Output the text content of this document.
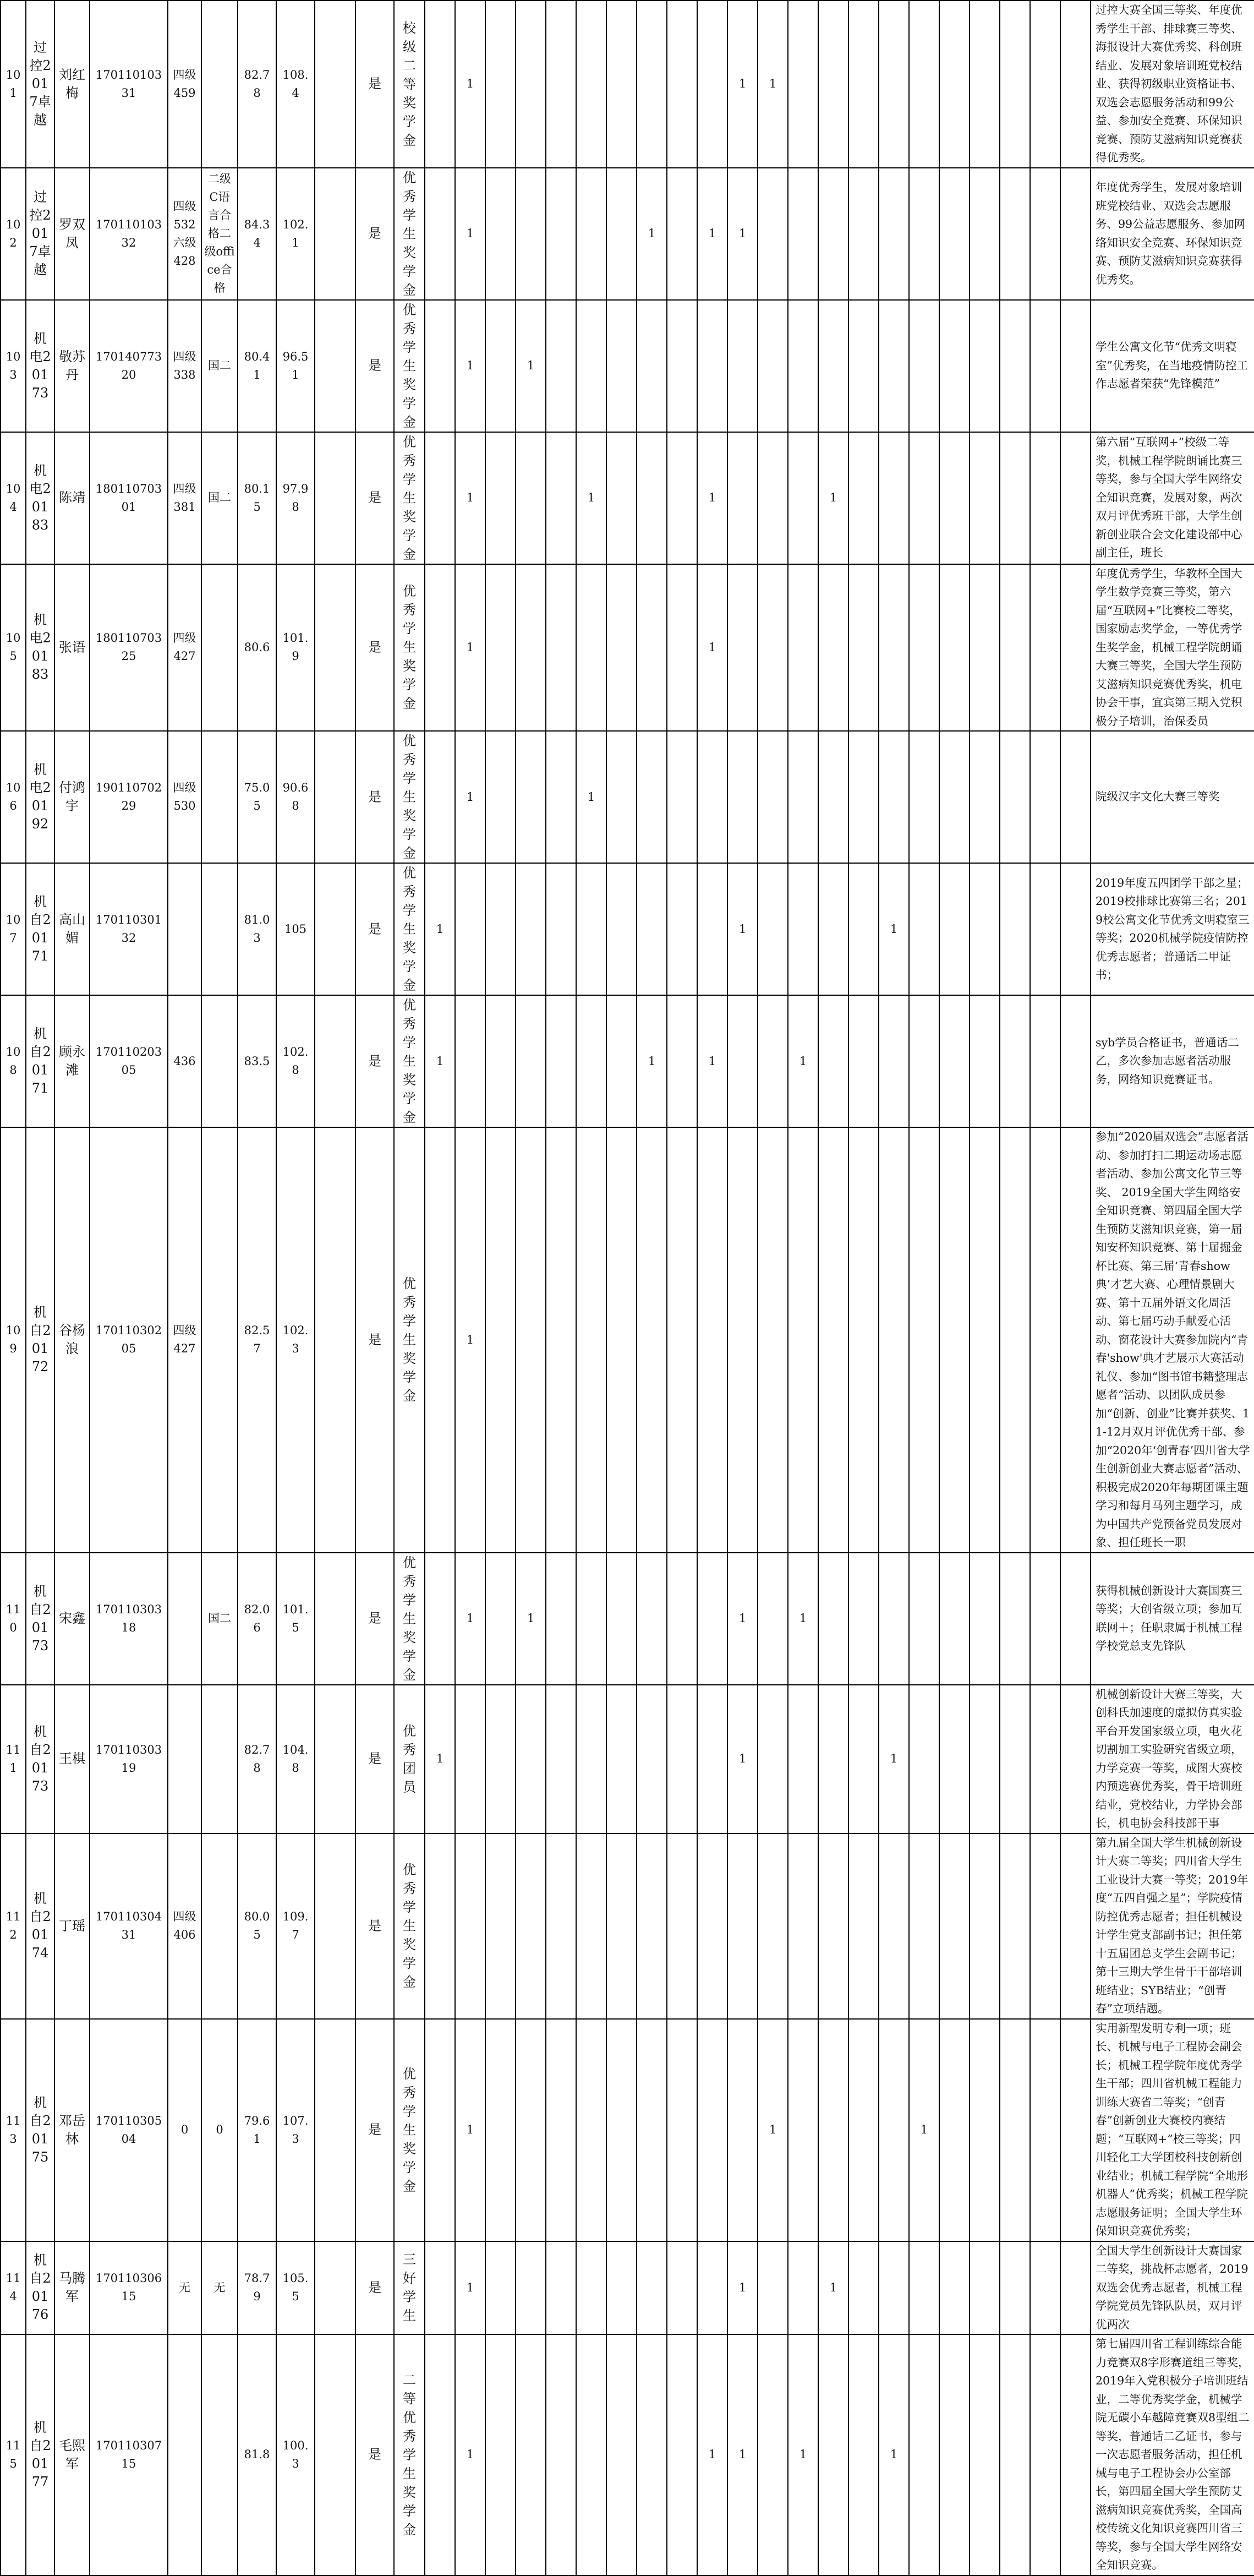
101	过控2017卓越	刘红梅	17011010331	四级459		82.78	108.4		是	校级二等奖学金		1									1	1											过控大赛全国三等奖、年度优秀学生干部、排球赛三等奖、海报设计大赛优秀奖、科创班结业、发展对象培训班党校结业、获得初级职业资格证书、双选会志愿服务活动和99公益、参加安全竞赛、环保知识竞赛、预防艾滋病知识竞赛获得优秀奖。
102	过控2017卓越	罗双凤	17011010332	四级532 六级428	二级C语言合格二级office合格	84.34	102.1		是	优秀学生奖学金		1						1		1	1												年度优秀学生，发展对象培训班党校结业、双选会志愿服务、99公益志愿服务、参加网络知识安全竞赛、环保知识竞赛、预防艾滋病知识竞赛获得优秀奖。
103	机电20173	敬苏丹	17014077320	四级338	国二	80.41	96.51		是	优秀学生奖学金		1		1																			学生公寓文化节“优秀文明寝室”优秀奖，在当地疫情防控工作志愿者荣获“先锋模范”
104	机电20183	陈靖	18011070301	四级381	国二	80.15	97.98		是	优秀学生奖学金		1				1				1				1									第六届“互联网+”校级二等奖，机械工程学院朗诵比赛三等奖，参与全国大学生网络安全知识竞赛，发展对象，两次双月评优秀班干部，大学生创新创业联合会文化建设部中心副主任，班长
105	机电20183	张语	18011070325	四级427		80.6	101.9		是	优秀学生奖学金		1								1													年度优秀学生，华教杯全国大学生数学竞赛三等奖，第六届“互联网+”比赛校二等奖，国家励志奖学金，一等优秀学生奖学金，机械工程学院朗诵大赛三等奖，全国大学生预防艾滋病知识竞赛优秀奖，机电协会干事，宜宾第三期入党积极分子培训，治保委员
106	机电20192	付鸿宇	19011070229	四级530		75.05	90.68		是	优秀学生奖学金		1				1																	院级汉字文化大赛三等奖
107	机自20171	高山媚	17011030132			81.03	105		是	优秀学生奖学金	1										1					1							2019年度五四团学干部之星；2019校排球比赛第三名；2019校公寓文化节优秀文明寝室三等奖；2020机械学院疫情防控优秀志愿者；普通话二甲证书；
108	机自20171	顾永滩	17011020305	436		83.5	102.8		是	优秀学生奖学金	1							1		1			1										syb学员合格证书，普通话二乙，多次参加志愿者活动服务，网络知识竞赛证书。
109	机自20172	谷杨浪	17011030205	四级427		82.57	102.3		是	优秀学生奖学金		1																					参加“2020届双选会”志愿者活动、参加打扫二期运动场志愿者活动、参加公寓文化节三等奖、 2019全国大学生网络安全知识竞赛、第四届全国大学生预防艾滋知识竞赛，第一届知安杯知识竞赛、第十届掘金杯比赛、第三届‘青春show典’才艺大赛、心理情景剧大赛、第十五届外语文化周活动、第七届巧动手献爱心活动、窗花设计大赛参加院内“青春'show'典才艺展示大赛活动礼仪、参加“图书馆书籍整理志愿者”活动、以团队成员参加“创新、创业”比赛并获奖、11-12月双月评优优秀干部、参加“2020年‘创青春’四川省大学生创新创业大赛志愿者”活动、积极完成2020年每期团课主题学习和每月马列主题学习，成为中国共产党预备党员发展对象、担任班长一职
110	机自20173	宋鑫	17011030318		国二	82.06	101.5		是	优秀学生奖学金		1		1							1		1										获得机械创新设计大赛国赛三等奖；大创省级立项；参加互联网＋；任职隶属于机械工程学校党总支先锋队
111	机自20173	王棋	17011030319			82.78	104.8		是	优秀团员	1										1					1							机械创新设计大赛三等奖，大创科氏加速度的虚拟仿真实验平台开发国家级立项，电火花切割加工实验研究省级立项，力学竞赛一等奖，成图大赛校内预选赛优秀奖，骨干培训班结业，党校结业，力学协会部长，机电协会科技部干事
112	机自20174	丁瑶	17011030431	四级406		80.05	109.7		是	优秀学生奖学金																							第九届全国大学生机械创新设计大赛二等奖；四川省大学生工业设计大赛一等奖；2019年度“五四自强之星”；学院疫情防控优秀志愿者；担任机械设计学生党支部副书记；担任第十五届团总支学生会副书记；第十三期大学生骨干干部培训班结业；SYB结业；“创青春”立项结题。
113	机自20175	邓岳林	17011030504	0	0	79.61	107.3		是	优秀学生奖学金		1										1					1						实用新型发明专利一项；班长、机械与电子工程协会副会长；机械工程学院年度优秀学生干部；四川省机械工程能力训练大赛省二等奖；“创青春”创新创业大赛校内赛结题；“互联网+”校三等奖；四川轻化工大学团校科技创新创业结业；机械工程学院“全地形机器人”优秀奖；机械工程学院志愿服务证明；全国大学生环保知识竞赛优秀奖；
114	机自20176	马腾军	17011030615	无	无	78.79	105.5		是	三好学生		1									1			1									全国大学生创新设计大赛国家二等奖，挑战杯志愿者，2019双选会优秀志愿者，机械工程学院党员先锋队队员，双月评优两次
115	机自20177	毛熙军	17011030715			81.8	100.3		是	二等优秀学生奖学金		1								1	1		1			1							第七届四川省工程训练综合能力竞赛双8字形赛道组三等奖，2019年入党积极分子培训班结业，二等优秀奖学金，机械学院无碳小车越障竞赛双8型组二等奖，普通话二乙证书，参与一次志愿者服务活动，担任机械与电子工程协会办公室部长，第四届全国大学生预防艾滋病知识竞赛优秀奖，全国高校传统文化知识竞赛四川省三等奖，参与全国大学生网络安全知识竞赛。
